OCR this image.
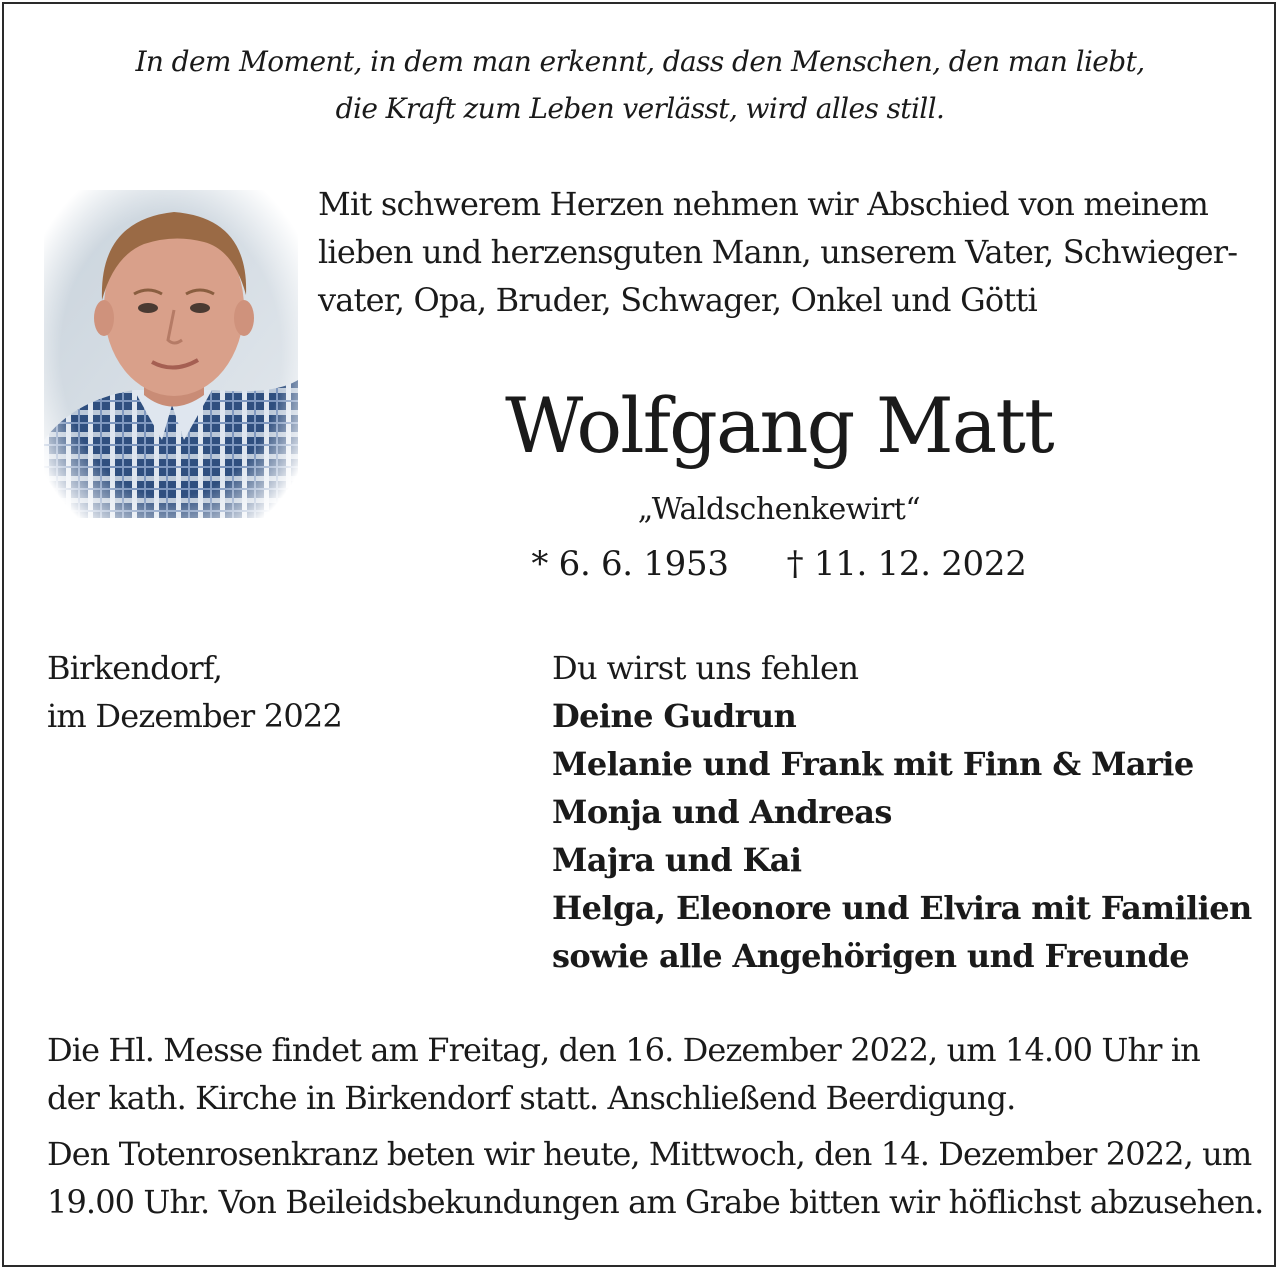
In dem Moment, in dem man erkennt, dass den Menschen, den man liebt,
die Kraft zum Leben verlässt, wird alles still.
Mit schwerem Herzen nehmen wir Abschied von meinem
lieben und herzensguten Mann, unserem Vater, Schwieger-
vater, Opa, Bruder, Schwager, Onkel und Götti
Wolfgang Matt
„Waldschenkewirt“
* 6. 6. 1953 † 11. 12. 2022
Birkendorf,
im Dezember 2022
Du wirst uns fehlen
Deine Gudrun
Melanie und Frank mit Finn & Marie
Monja und Andreas
Majra und Kai
Helga, Eleonore und Elvira mit Familien
sowie alle Angehörigen und Freunde
Die Hl. Messe findet am Freitag, den 16. Dezember 2022, um 14.00 Uhr in
der kath. Kirche in Birkendorf statt. Anschließend Beerdigung.
Den Totenrosenkranz beten wir heute, Mittwoch, den 14. Dezember 2022, um
19.00 Uhr. Von Beileidsbekundungen am Grabe bitten wir höflichst abzusehen.
